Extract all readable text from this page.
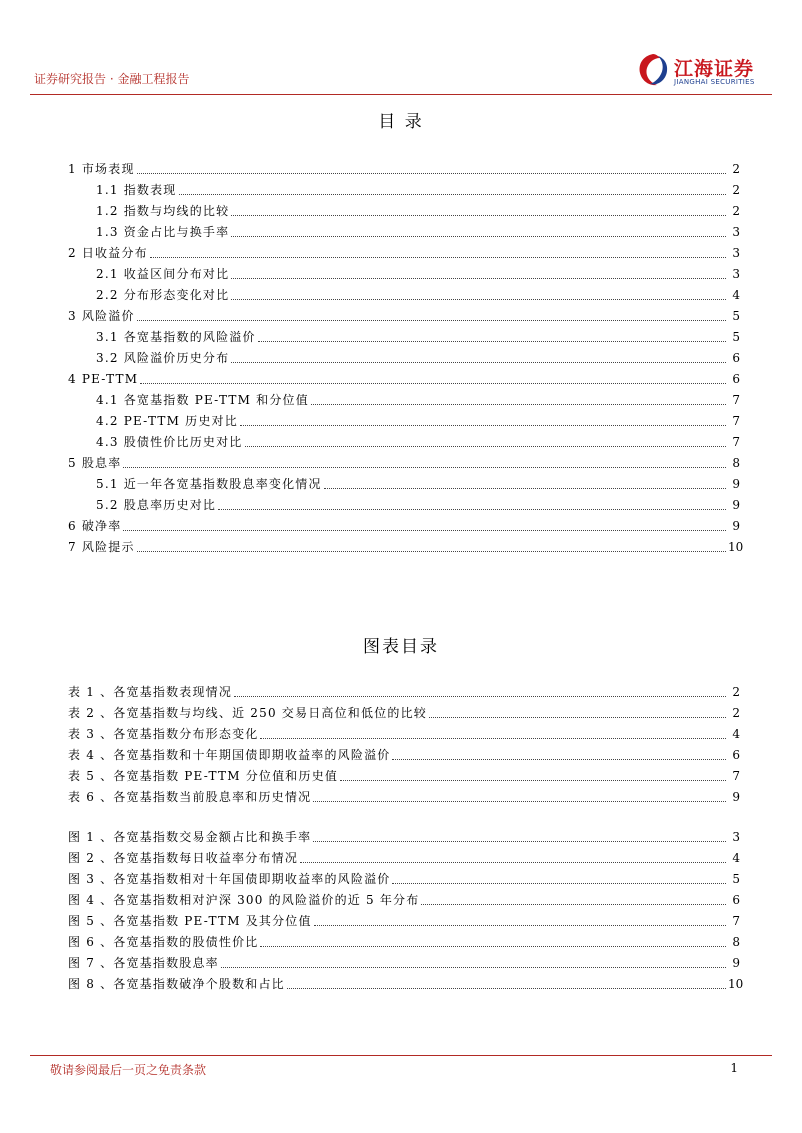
证券研究报告 · 金融工程报告	江海证券
JIANGHAI SECURITIES
目 录
1 市场表现	2
1.1 指数表现	2
1.2 指数与均线的比较	2
1.3 资金占比与换手率	3
2 日收益分布	3
2.1 收益区间分布对比	3
2.2 分布形态变化对比	4
3 风险溢价	5
3.1 各宽基指数的风险溢价	5
3.2 风险溢价历史分布	6
4 PE-TTM	6
4.1 各宽基指数 PE-TTM 和分位值	7
4.2 PE-TTM 历史对比	7
4.3 股债性价比历史对比	7
5 股息率	8
5.1 近一年各宽基指数股息率变化情况	9
5.2 股息率历史对比	9
6 破净率	9
7 风险提示	10
图表目录
表 1 、各宽基指数表现情况	2
表 2 、各宽基指数与均线、近 250 交易日高位和低位的比较	2
表 3 、各宽基指数分布形态变化	4
表 4 、各宽基指数和十年期国债即期收益率的风险溢价	6
表 5 、各宽基指数 PE-TTM 分位值和历史值	7
表 6 、各宽基指数当前股息率和历史情况	9
图 1 、各宽基指数交易金额占比和换手率	3
图 2 、各宽基指数每日收益率分布情况	4
图 3 、各宽基指数相对十年国债即期收益率的风险溢价	5
图 4 、各宽基指数相对沪深 300 的风险溢价的近 5 年分布	6
图 5 、各宽基指数 PE-TTM 及其分位值	7
图 6 、各宽基指数的股债性价比	8
图 7 、各宽基指数股息率	9
图 8 、各宽基指数破净个股数和占比	10
敬请参阅最后一页之免责条款	1
